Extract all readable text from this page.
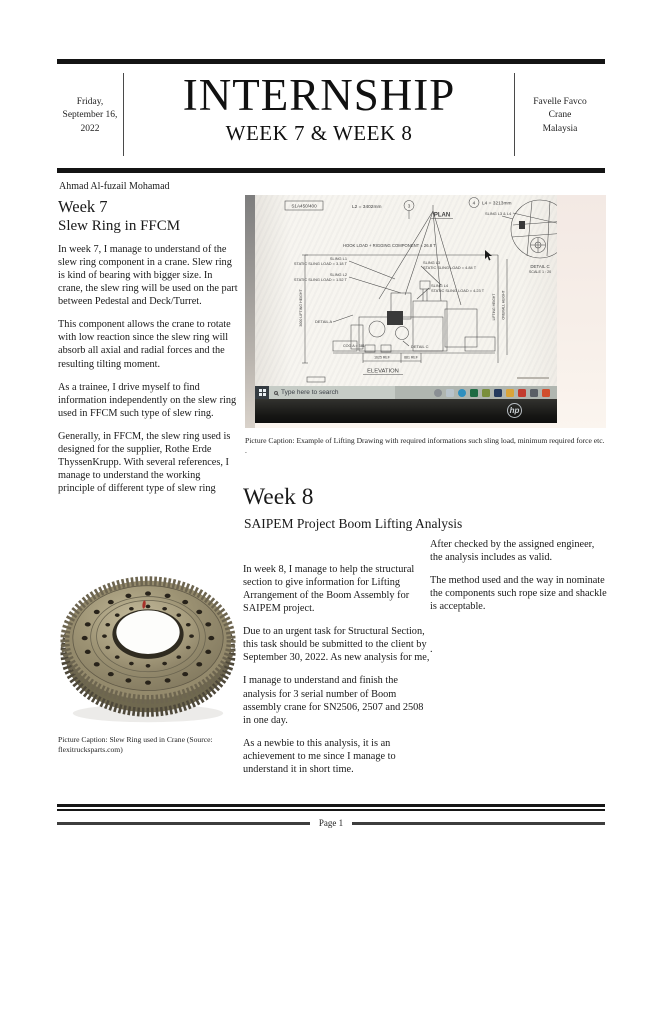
Friday,
September 16,
2022
INTERNSHIP
WEEK 7 & WEEK 8
Favelle Favco
Crane
Malaysia
Ahmad Al-fuzail Mohamad
Week 7
Slew Ring in FFCM

In week 7, I manage to understand of the slew ring component in a crane. Slew ring is kind of bearing with bigger size. In crane, the slew ring will be used on the part between Pedestal and Deck/Turret.

This component allows the crane to rotate with low reaction since the slew ring will absorb all axial and radial forces and the resulting tilting moment.

As a trainee, I drive myself to find information independently on the slew ring used in FFCM such type of slew ring.

Generally, in FFCM, the slew ring used is designed for the supplier, Rothe Erde ThyssenKrupp. With several references, I manage to understand the working principle of different type of slew ring

S1A450/400	L2 = 3402mm	3
4 L4 = 3213mm
PLAN	SLING L3 & L4
DETAIL C
SCALE 1 : 20
HOOK LOAD + RIGGING COMPONENT = 26.8 T
3000 LIFTING HEIGHT	LIFTING HEIGHT OVERALL HEIGHT
SLING L1
STATIC SLING LOAD = 3.18 T
SLING L2
STATIC SLING LOAD = 1.52 T
SLING L3
STATIC SLING LOAD = 4.84 T
SLING L4
STATIC SLING LOAD = 4.23 T
DETAIL A
DETAIL C
COG A = 381
1625 REF	881 REF
ELEVATION
Type here to search
hp
Picture Caption: Example of Lifting Drawing with required informations such sling load, minimum required force etc. .
Week 8
SAIPEM Project Boom Lifting Analysis

In week 8, I manage to help the structural section to give information for Lifting Arrangement of the Boom Assembly for SAIPEM project.

Due to an urgent task for Structural Section, this task should be submitted to the client by September 30, 2022. As new analysis for me,

I manage to understand and finish the analysis for 3 serial number of Boom assembly crane for SN2506, 2507 and 2508 in one day.

As a newbie to this analysis, it is an achievement to me since I manage to understand it in short time.

After checked by the assigned engineer, the analysis includes as valid.

The method used and the way in nominate the components such rope size and shackle is acceptable.

.

Picture Caption: Slew Ring used in Crane (Source: flexitrucksparts.com)
Page 1
